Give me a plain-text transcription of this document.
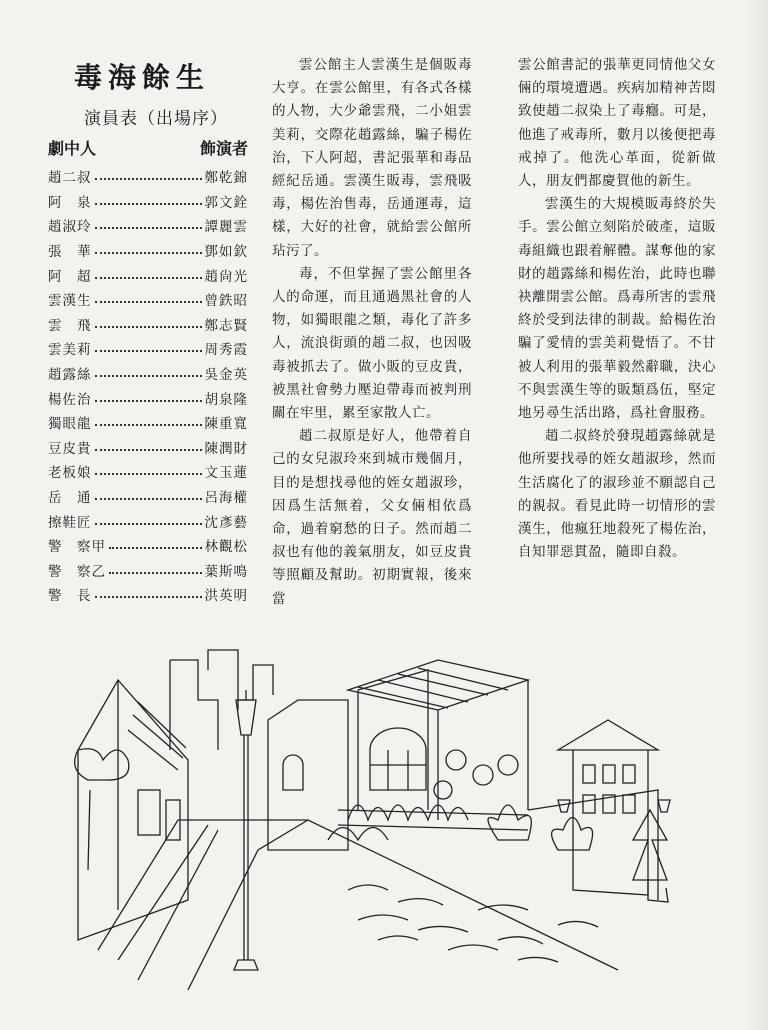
毒海餘生
演員表（出場序）
劇中人	飾演者
趙二叔	鄭乾錦
阿　泉	郭文銓
趙淑玲	譚麗雲
張　華	鄧如欽
阿　超	趙尙光
雲漢生	曾鉄昭
雲　飛	鄭志賢
雲美莉	周秀霞
趙露絲	吳金英
楊佐治	胡泉隆
獨眼龍	陳重寬
豆皮貴	陳潤財
老板娘	文玉蓮
岳　通	呂海權
擦鞋匠	沈彥藝
警　察甲	林觀松
警　察乙	葉斯鳴
警　長	洪英明

雲公館主人雲漢生是個販毒大亨。在雲公館里，有各式各樣的人物，大少爺雲飛，二小姐雲美莉，交際花趙露絲，騙子楊佐治，下人阿超，書記張華和毒品經紀岳通。雲漢生販毒，雲飛吸毒，楊佐治售毒，岳通運毒，這樣，大好的社會，就給雲公館所玷污了。

毒，不但掌握了雲公館里各人的命運，而且通過黑社會的人物，如獨眼龍之類，毒化了許多人，流浪街頭的趙二叔，也因吸毒被抓去了。做小販的豆皮貴，被黑社會勢力壓迫帶毒而被判刑關在牢里，累至家散人亡。

趙二叔原是好人，他帶着自己的女兒淑玲來到城市幾個月，目的是想找尋他的姪女趙淑珍，因爲生活無着，父女倆相依爲命，過着窮愁的日子。然而趙二叔也有他的義氣朋友，如豆皮貴等照顧及幫助。初期實報，後來當

雲公館書記的張華更同情他父女倆的環境遭遇。疾病加精神苦悶致使趙二叔染上了毒癮。可是，他進了戒毒所，數月以後便把毒戒掉了。他洗心革面，從新做人，朋友們都慶賀他的新生。

雲漢生的大規模販毒終於失手。雲公館立刻陷於破產，這販毒組織也跟着解體。謀奪他的家財的趙露絲和楊佐治，此時也聯袂離開雲公館。爲毒所害的雲飛終於受到法律的制裁。給楊佐治騙了愛情的雲美莉覺悟了。不甘被人利用的張華毅然辭職，決心不與雲漢生等的販類爲伍，堅定地另尋生活出路，爲社會服務。

趙二叔終於發現趙露絲就是他所要找尋的姪女趙淑珍，然而生活腐化了的淑珍並不願認自己的親叔。看見此時一切情形的雲漢生，他瘋狂地殺死了楊佐治，自知罪惡貫盈，隨即自殺。
